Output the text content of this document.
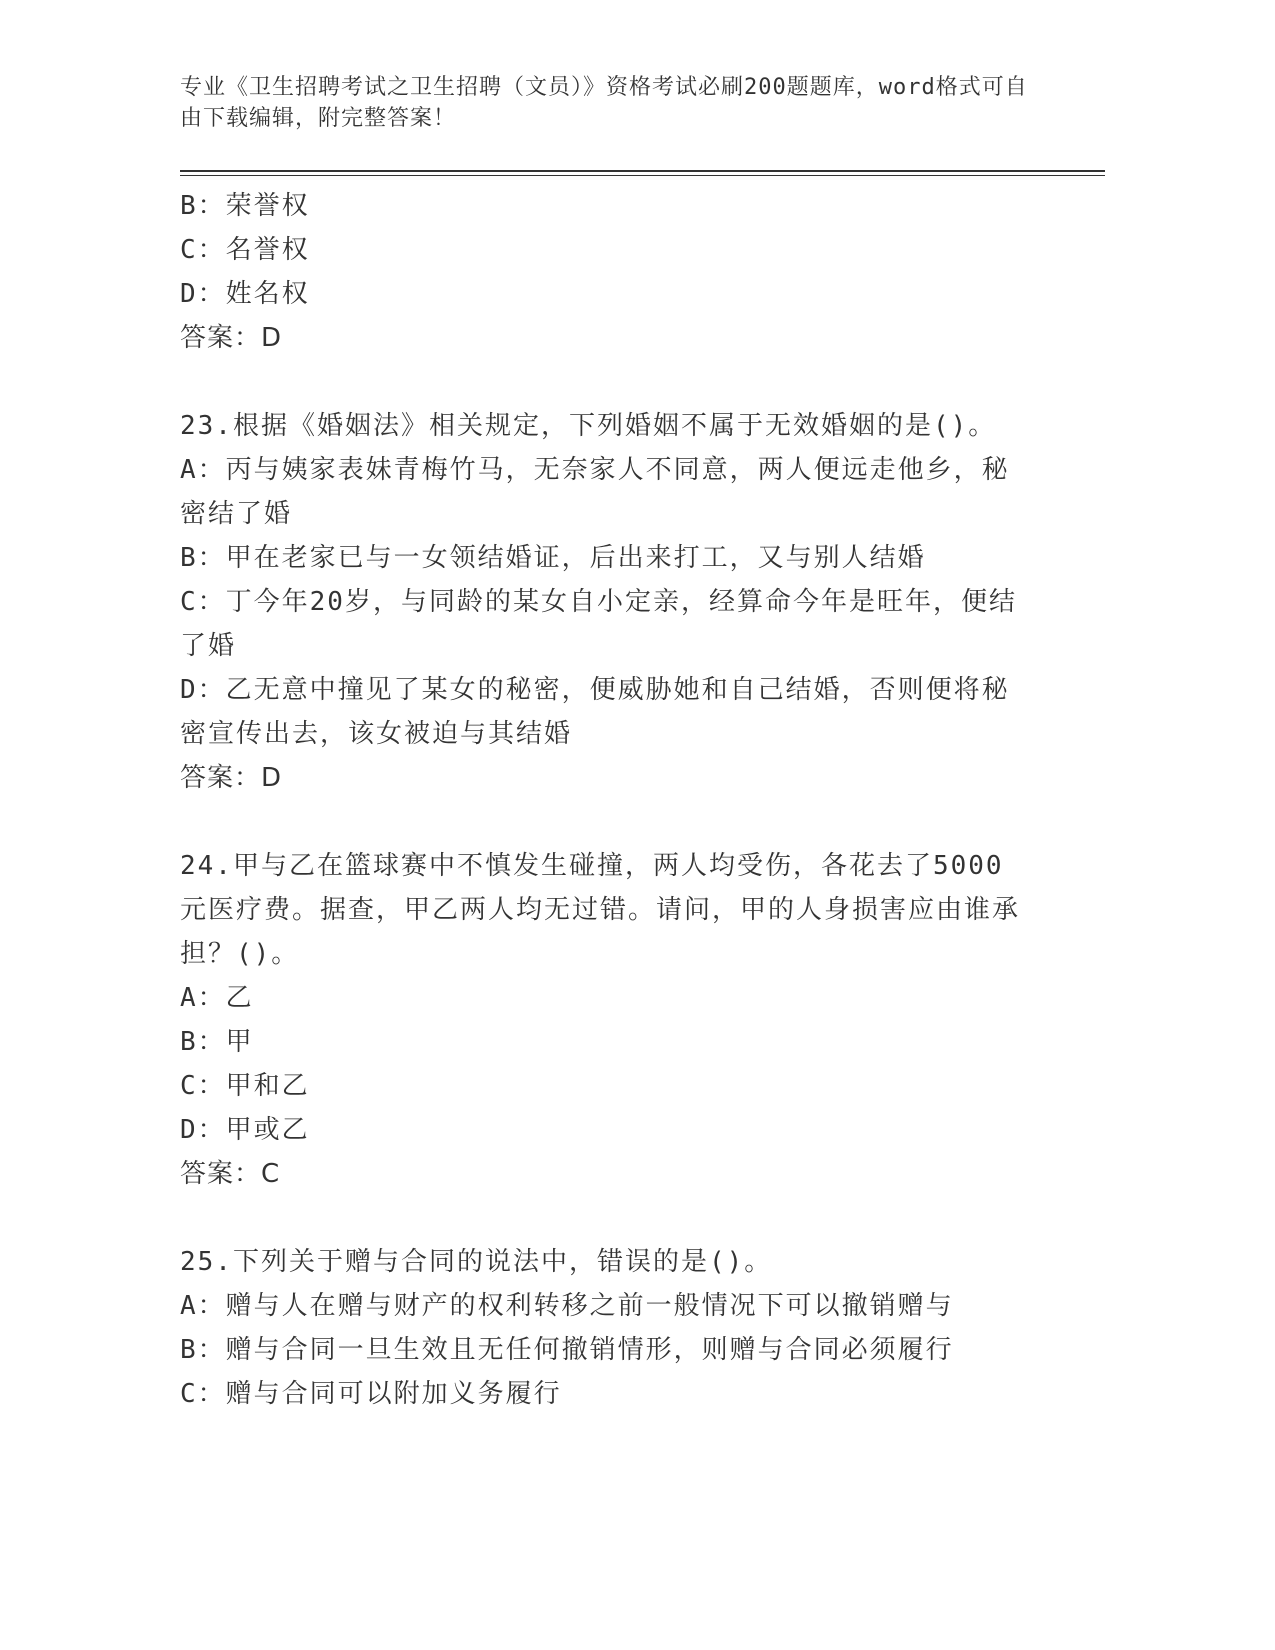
专业《卫生招聘考试之卫生招聘（文员）》资格考试必刷200题题库，word格式可自由下载编辑，附完整答案！
B：荣誉权
C：名誉权
D：姓名权
答案：D
23.根据《婚姻法》相关规定，下列婚姻不属于无效婚姻的是()。
A：丙与姨家表妹青梅竹马，无奈家人不同意，两人便远走他乡，秘密结了婚
B：甲在老家已与一女领结婚证，后出来打工，又与别人结婚
C：丁今年20岁，与同龄的某女自小定亲，经算命今年是旺年，便结了婚
D：乙无意中撞见了某女的秘密，便威胁她和自己结婚，否则便将秘密宣传出去，该女被迫与其结婚
答案：D
24.甲与乙在篮球赛中不慎发生碰撞，两人均受伤，各花去了5000元医疗费。据查，甲乙两人均无过错。请问，甲的人身损害应由谁承担？()。
A：乙
B：甲
C：甲和乙
D：甲或乙
答案：C
25.下列关于赠与合同的说法中，错误的是()。
A：赠与人在赠与财产的权利转移之前一般情况下可以撤销赠与
B：赠与合同一旦生效且无任何撤销情形，则赠与合同必须履行
C：赠与合同可以附加义务履行
